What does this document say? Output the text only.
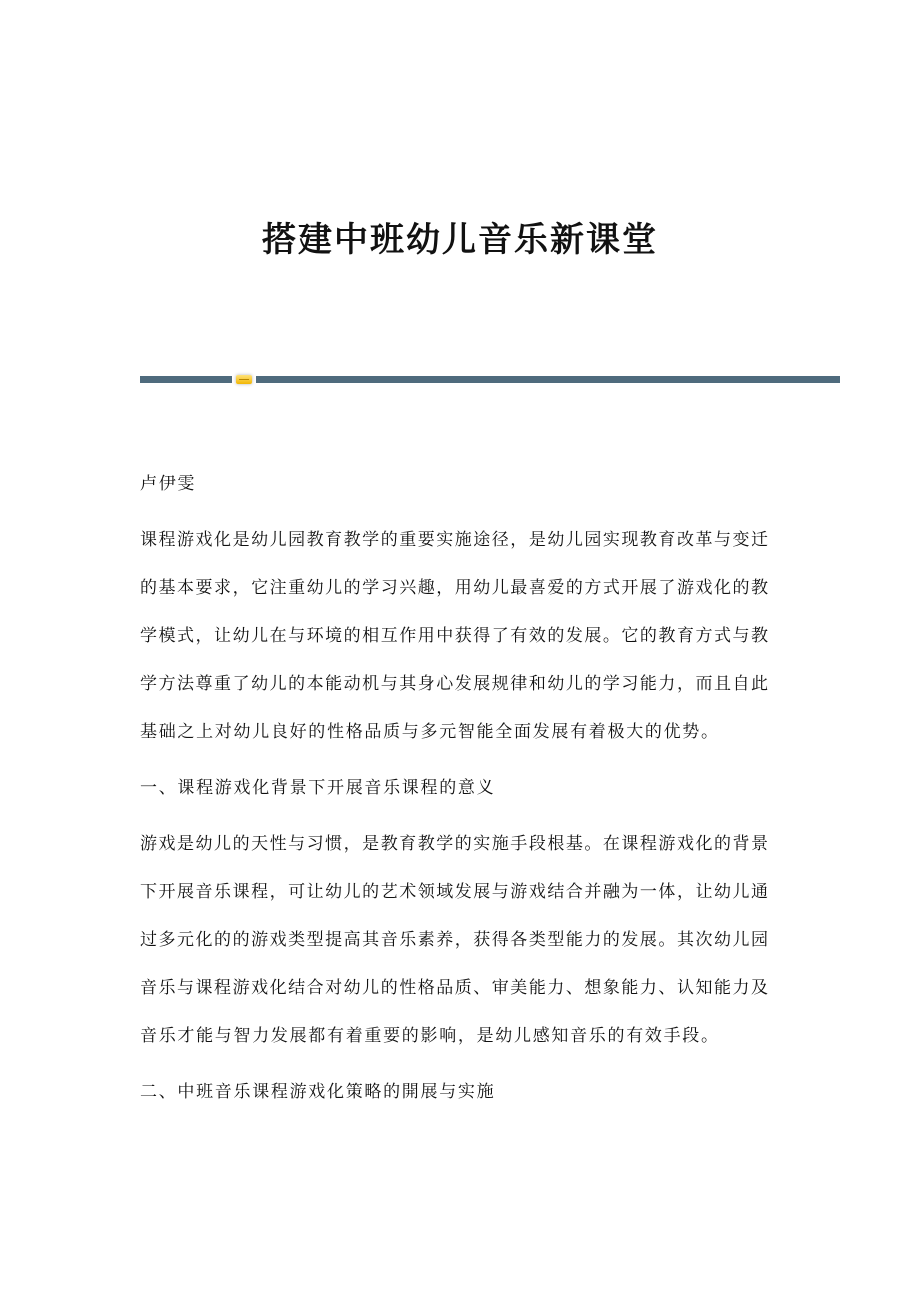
搭建中班幼儿音乐新课堂
卢伊雯
课程游戏化是幼儿园教育教学的重要实施途径，是幼儿园实现教育改革与变迁
的基本要求，它注重幼儿的学习兴趣，用幼儿最喜爱的方式开展了游戏化的教
学模式，让幼儿在与环境的相互作用中获得了有效的发展。它的教育方式与教
学方法尊重了幼儿的本能动机与其身心发展规律和幼儿的学习能力，而且自此
基础之上对幼儿良好的性格品质与多元智能全面发展有着极大的优势。
一、课程游戏化背景下开展音乐课程的意义
游戏是幼儿的天性与习惯，是教育教学的实施手段根基。在课程游戏化的背景
下开展音乐课程，可让幼儿的艺术领域发展与游戏结合并融为一体，让幼儿通
过多元化的的游戏类型提高其音乐素养，获得各类型能力的发展。其次幼儿园
音乐与课程游戏化结合对幼儿的性格品质、审美能力、想象能力、认知能力及
音乐才能与智力发展都有着重要的影响，是幼儿感知音乐的有效手段。
二、中班音乐课程游戏化策略的開展与实施
